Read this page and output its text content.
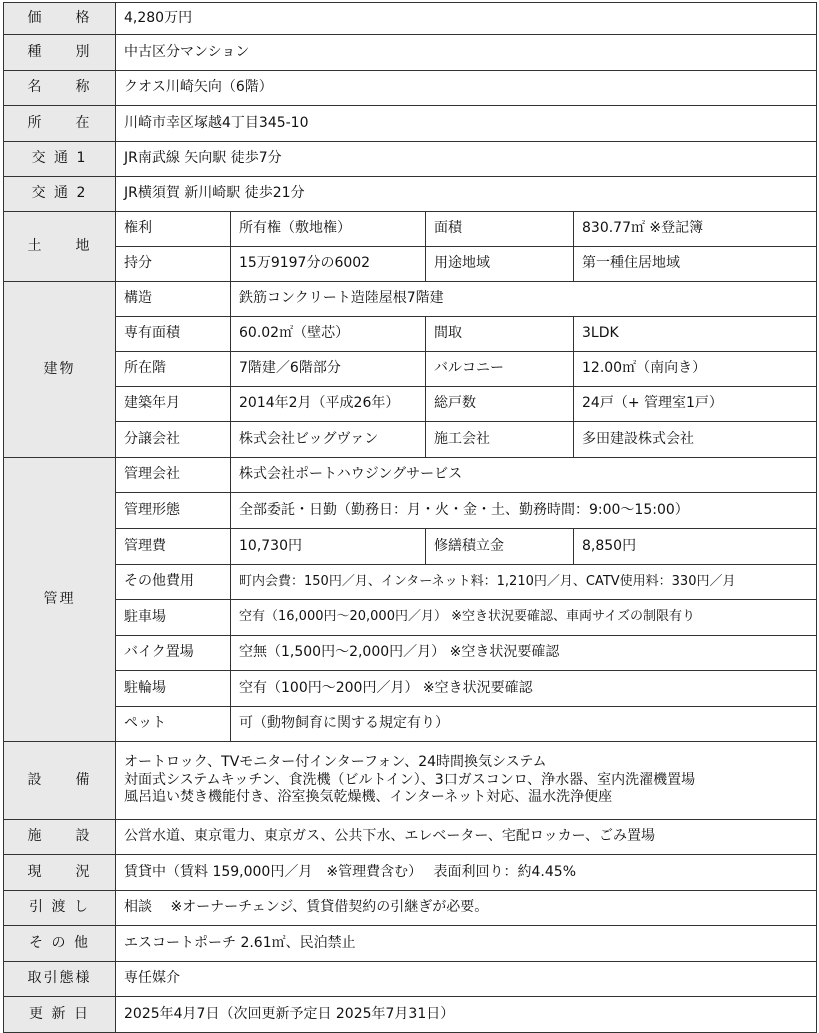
価　　格	4,280万円			
種　　別	中古区分マンション			
名　　称	クオス川崎矢向（6階）			
所　　在	川崎市幸区塚越4丁目345-10			
交 通 1	JR南武線 矢向駅 徒歩7分			
交 通 2	JR横須賀 新川崎駅 徒歩21分			
土　　地	権利	所有権（敷地権）	面積	830.77㎡ ※登記簿
	持分	15万9197分の6002	用途地域	第一種住居地域
建物	構造	鉄筋コンクリート造陸屋根7階建		
	専有面積	60.02㎡（壁芯）	間取	3LDK
	所在階	7階建／6階部分	バルコニー	12.00㎡（南向き）
	建築年月	2014年2月（平成26年）	総戸数	24戸（+ 管理室1戸）
	分譲会社	株式会社ビッグヴァン	施工会社	多田建設株式会社
管理	管理会社	株式会社ポートハウジングサービス		
	管理形態	全部委託・日勤（勤務日：月・火・金・土、勤務時間：9:00～15:00）		
	管理費	10,730円	修繕積立金	8,850円
	その他費用	町内会費：150円／月、インターネット料：1,210円／月、CATV使用料：330円／月		
	駐車場	空有（16,000円～20,000円／月） ※空き状況要確認、車両サイズの制限有り		
	バイク置場	空無（1,500円～2,000円／月） ※空き状況要確認		
	駐輪場	空有（100円～200円／月） ※空き状況要確認		
	ペット	可（動物飼育に関する規定有り）		
設　　備	オートロック、TVモニター付インターフォン、24時間換気システム
対面式システムキッチン、食洗機（ビルトイン）、3口ガスコンロ、浄水器、室内洗濯機置場
風呂追い焚き機能付き、浴室換気乾燥機、インターネット対応、温水洗浄便座			

施　　設	公営水道、東京電力、東京ガス、公共下水、エレベーター、宅配ロッカー、ごみ置場			
現　　況	賃貸中（賃料 159,000円／月　※管理費含む）　 表面利回り：約4.45%			
引 渡 し	相談　 ※オーナーチェンジ、賃貸借契約の引継ぎが必要。			
そ の 他	エスコートポーチ 2.61㎡、民泊禁止			
取引態様	専任媒介			
更 新 日	2025年4月7日（次回更新予定日 2025年7月31日）			
